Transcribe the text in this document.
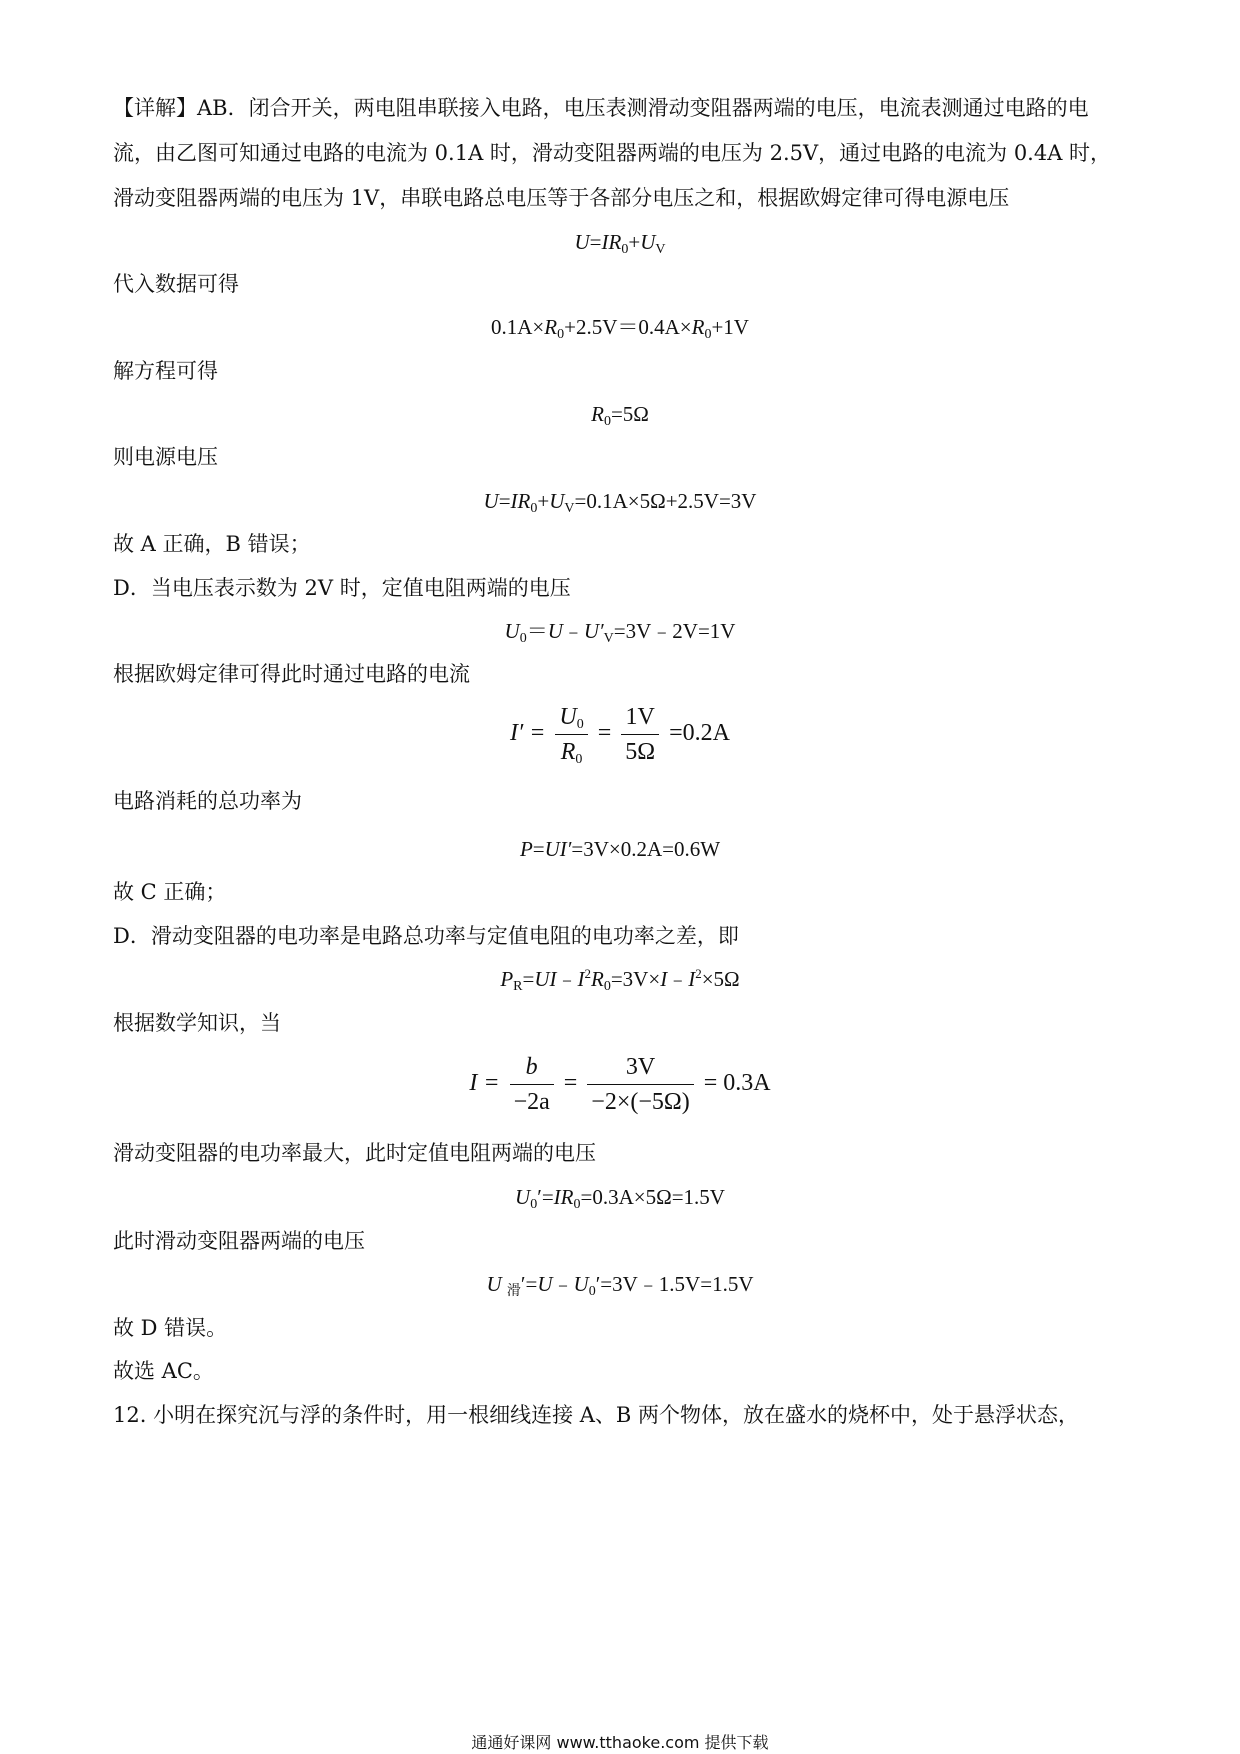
【详解】AB．闭合开关，两电阻串联接入电路，电压表测滑动变阻器两端的电压，电流表测通过电路的电
流，由乙图可知通过电路的电流为 0.1A 时，滑动变阻器两端的电压为 2.5V，通过电路的电流为 0.4A 时，
滑动变阻器两端的电压为 1V，串联电路总电压等于各部分电压之和，根据欧姆定律可得电源电压
$U=IR_0+U_V$
代入数据可得
$0.1A\times R_0+2.5V=0.4A\times R_0+1V$
解方程可得
$R_0=5\Omega$
则电源电压
$U=IR_0+U_V=0.1A\times 5\Omega+2.5V=3V$
故 A 正确，B 错误；
D．当电压表示数为 2V 时，定值电阻两端的电压
$U_0=U﹣U'_V=3V﹣2V=1V$
根据欧姆定律可得此时通过电路的电流
$I' = \frac{U_0}{R_0} = \frac{1V}{5\Omega} =0.2A$
电路消耗的总功率为
P=UI′=3V×0.2A=0.6W
故 C 正确；
D．滑动变阻器的电功率是电路总功率与定值电阻的电功率之差，即
$P_R=UI﹣I^2R_0=3V\times I﹣I^2\times 5\Omega$
根据数学知识，当
$I = \frac{b}{-2a} = \frac{3V}{-2\times(-5\Omega)} = 0.3A$
滑动变阻器的电功率最大，此时定值电阻两端的电压
$U_0'=IR_0=0.3A\times 5\Omega=1.5V$
此时滑动变阻器两端的电压
U $_滑'=U﹣U_0'=3V﹣1.5V=1.5V$
故 D 错误。
故选 AC。
12. 小明在探究沉与浮的条件时，用一根细线连接 A、B 两个物体，放在盛水的烧杯中，处于悬浮状态，
通通好课网 www.tthaoke.com 提供下载
